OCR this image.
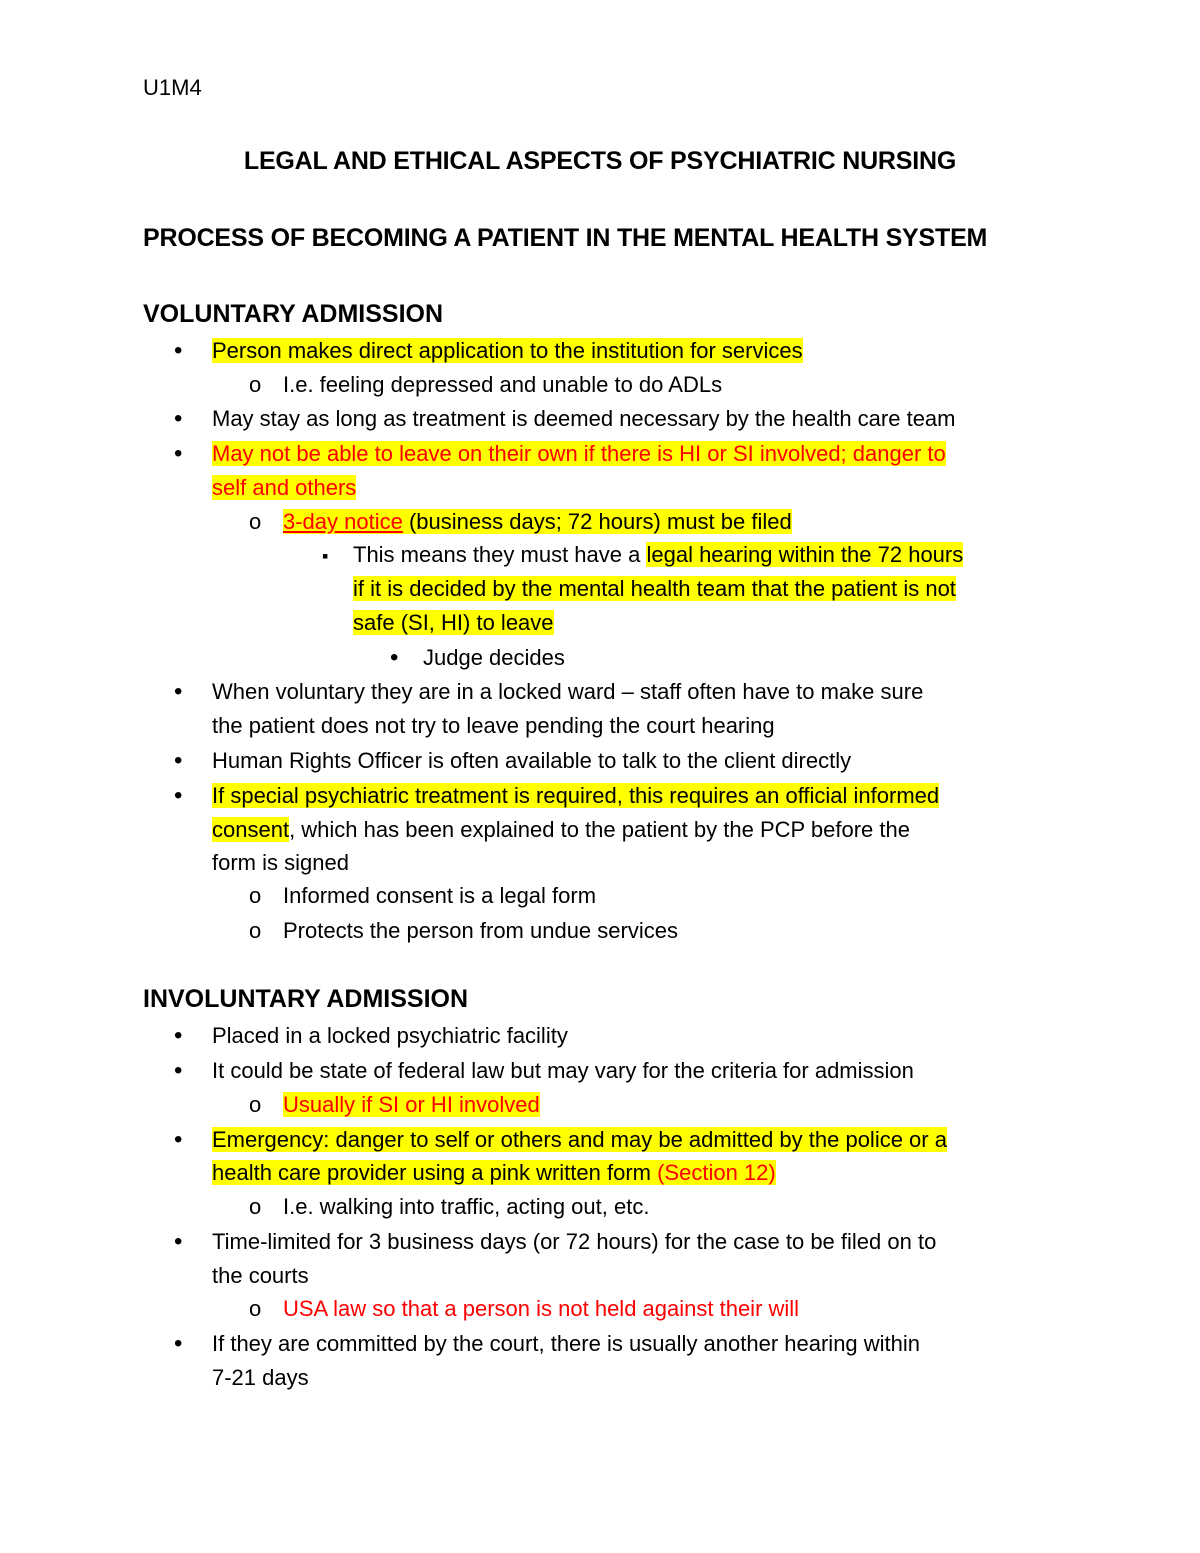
U1M4
LEGAL AND ETHICAL ASPECTS OF PSYCHIATRIC NURSING
PROCESS OF BECOMING A PATIENT IN THE MENTAL HEALTH SYSTEM
VOLUNTARY ADMISSION
•
Person makes direct application to the institution for services
o
I.e. feeling depressed and unable to do ADLs
•
May stay as long as treatment is deemed necessary by the health care team
•
May not be able to leave on their own if there is HI or SI involved; danger to
self and others
o
3-day notice (business days; 72 hours) must be filed
▪
This means they must have a legal hearing within the 72 hours
if it is decided by the mental health team that the patient is not
safe (SI, HI) to leave
•
Judge decides
•
When voluntary they are in a locked ward – staff often have to make sure
the patient does not try to leave pending the court hearing
•
Human Rights Officer is often available to talk to the client directly
•
If special psychiatric treatment is required, this requires an official informed
consent, which has been explained to the patient by the PCP before the
form is signed
o
Informed consent is a legal form
o
Protects the person from undue services
INVOLUNTARY ADMISSION
•
Placed in a locked psychiatric facility
•
It could be state of federal law but may vary for the criteria for admission
o
Usually if SI or HI involved
•
Emergency: danger to self or others and may be admitted by the police or a
health care provider using a pink written form (Section 12)
o
I.e. walking into traffic, acting out, etc.
•
Time-limited for 3 business days (or 72 hours) for the case to be filed on to
the courts
o
USA law so that a person is not held against their will
•
If they are committed by the court, there is usually another hearing within
7-21 days
